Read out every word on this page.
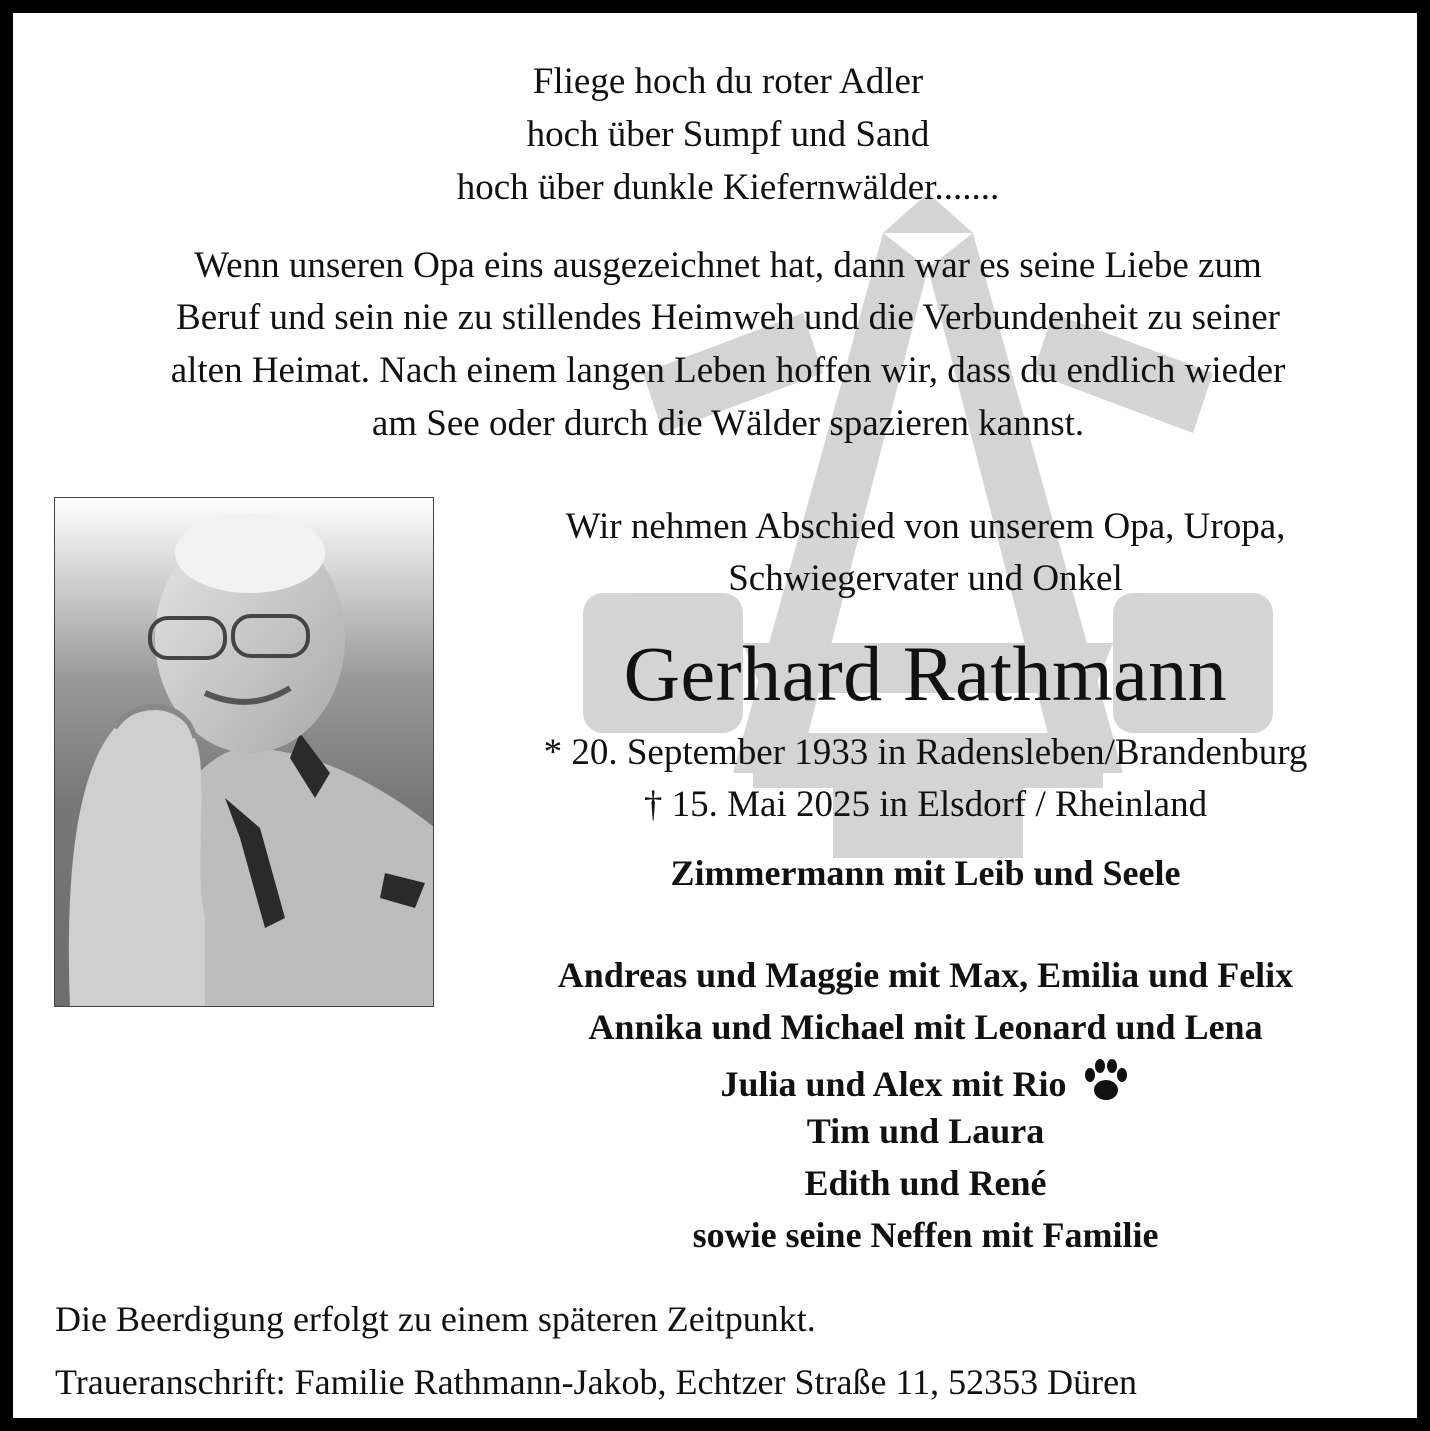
Fliege hoch du roter Adler
hoch über Sumpf und Sand
hoch über dunkle Kiefernwälder.......
Wenn unseren Opa eins ausgezeichnet hat, dann war es seine Liebe zum
Beruf und sein nie zu stillendes Heimweh und die Verbundenheit zu seiner
alten Heimat. Nach einem langen Leben hoffen wir, dass du endlich wieder
am See oder durch die Wälder spazieren kannst.
Wir nehmen Abschied von unserem Opa, Uropa,
Schwiegervater und Onkel
Gerhard Rathmann
* 20. September 1933 in Radensleben/Brandenburg
† 15. Mai 2025 in Elsdorf / Rheinland
Zimmermann mit Leib und Seele
Andreas und Maggie mit Max, Emilia und Felix
Annika und Michael mit Leonard und Lena
Julia und Alex mit Rio
Tim und Laura
Edith und René
sowie seine Neffen mit Familie
Die Beerdigung erfolgt zu einem späteren Zeitpunkt.
Traueranschrift: Familie Rathmann-Jakob, Echtzer Straße 11, 52353 Düren
